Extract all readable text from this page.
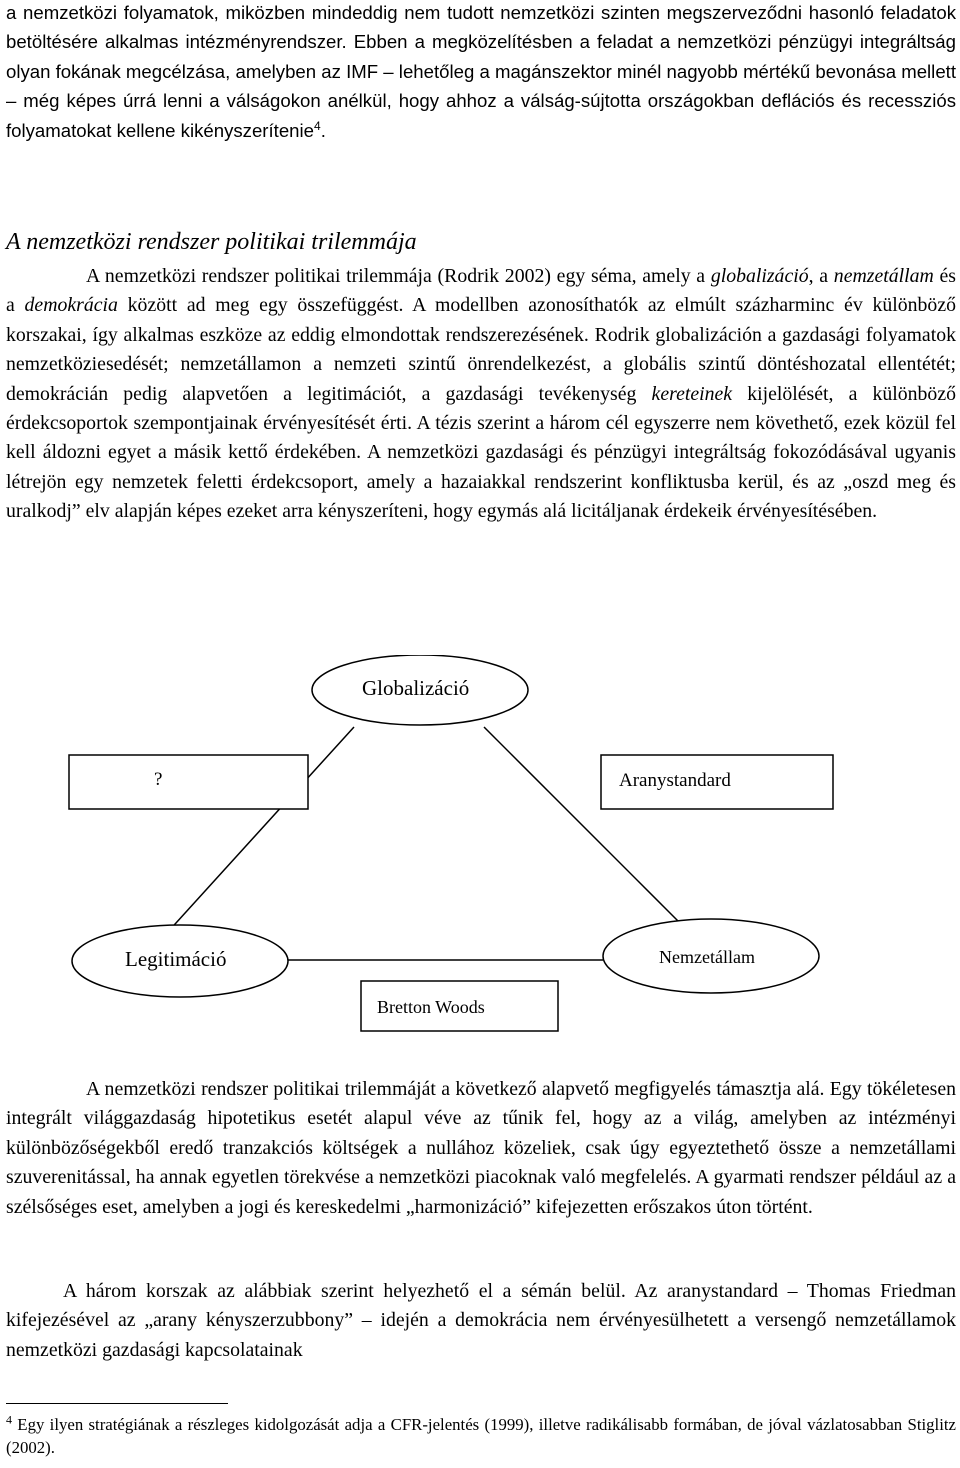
a nemzetközi folyamatok, miközben mindeddig nem tudott nemzetközi szinten megszerveződni hasonló feladatok betöltésére alkalmas intézményrendszer. Ebben a megközelítésben a feladat a nemzetközi pénzügyi integráltság olyan fokának megcélzása, amelyben az IMF – lehetőleg a magánszektor minél nagyobb mértékű bevonása mellett – még képes úrrá lenni a válságokon anélkül, hogy ahhoz a válság-sújtotta országokban deflációs és recessziós folyamatokat kellene kikényszerítenie$^4$.

A nemzetközi rendszer politikai trilemmája

A nemzetközi rendszer politikai trilemmája (Rodrik 2002) egy séma, amely a globalizáció, a nemzetállam és a demokrácia között ad meg egy összefüggést. A modellben azonosíthatók az elmúlt százharminc év különböző korszakai, így alkalmas eszköze az eddig elmondottak rendszerezésének. Rodrik globalizáción a gazdasági folyamatok nemzetköziesedését; nemzetállamon a nemzeti szintű önrendelkezést, a globális szintű döntéshozatal ellentétét; demokrácián pedig alapvetően a legitimációt, a gazdasági tevékenység kereteinek kijelölését, a különböző érdekcsoportok szempontjainak érvényesítését érti. A tézis szerint a három cél egyszerre nem követhető, ezek közül fel kell áldozni egyet a másik kettő érdekében. A nemzetközi gazdasági és pénzügyi integráltság fokozódásával ugyanis létrejön egy nemzetek feletti érdekcsoport, amely a hazaiakkal rendszerint konfliktusba kerül, és az „oszd meg és uralkodj” elv alapján képes ezeket arra kényszeríteni, hogy egymás alá licitáljanak érdekeik érvényesítésében.

Globalizáció
?	Aranystandard
Legitimáció	Nemzetállam
Bretton Woods

A nemzetközi rendszer politikai trilemmáját a következő alapvető megfigyelés támasztja alá. Egy tökéletesen integrált világgazdaság hipotetikus esetét alapul véve az tűnik fel, hogy az a világ, amelyben az intézményi különbözőségekből eredő tranzakciós költségek a nullához közeliek, csak úgy egyeztethető össze a nemzetállami szuverenitással, ha annak egyetlen törekvése a nemzetközi piacoknak való megfelelés. A gyarmati rendszer például az a szélsőséges eset, amelyben a jogi és kereskedelmi „harmonizáció” kifejezetten erőszakos úton történt.

A három korszak az alábbiak szerint helyezhető el a sémán belül. Az aranystandard – Thomas Friedman kifejezésével az „arany kényszerzubbony” – idején a demokrácia nem érvényesülhetett a versengő nemzetállamok nemzetközi gazdasági kapcsolatainak

$^4$ Egy ilyen stratégiának a részleges kidolgozását adja a CFR-jelentés (1999), illetve radikálisabb formában, de jóval vázlatosabban Stiglitz (2002).
